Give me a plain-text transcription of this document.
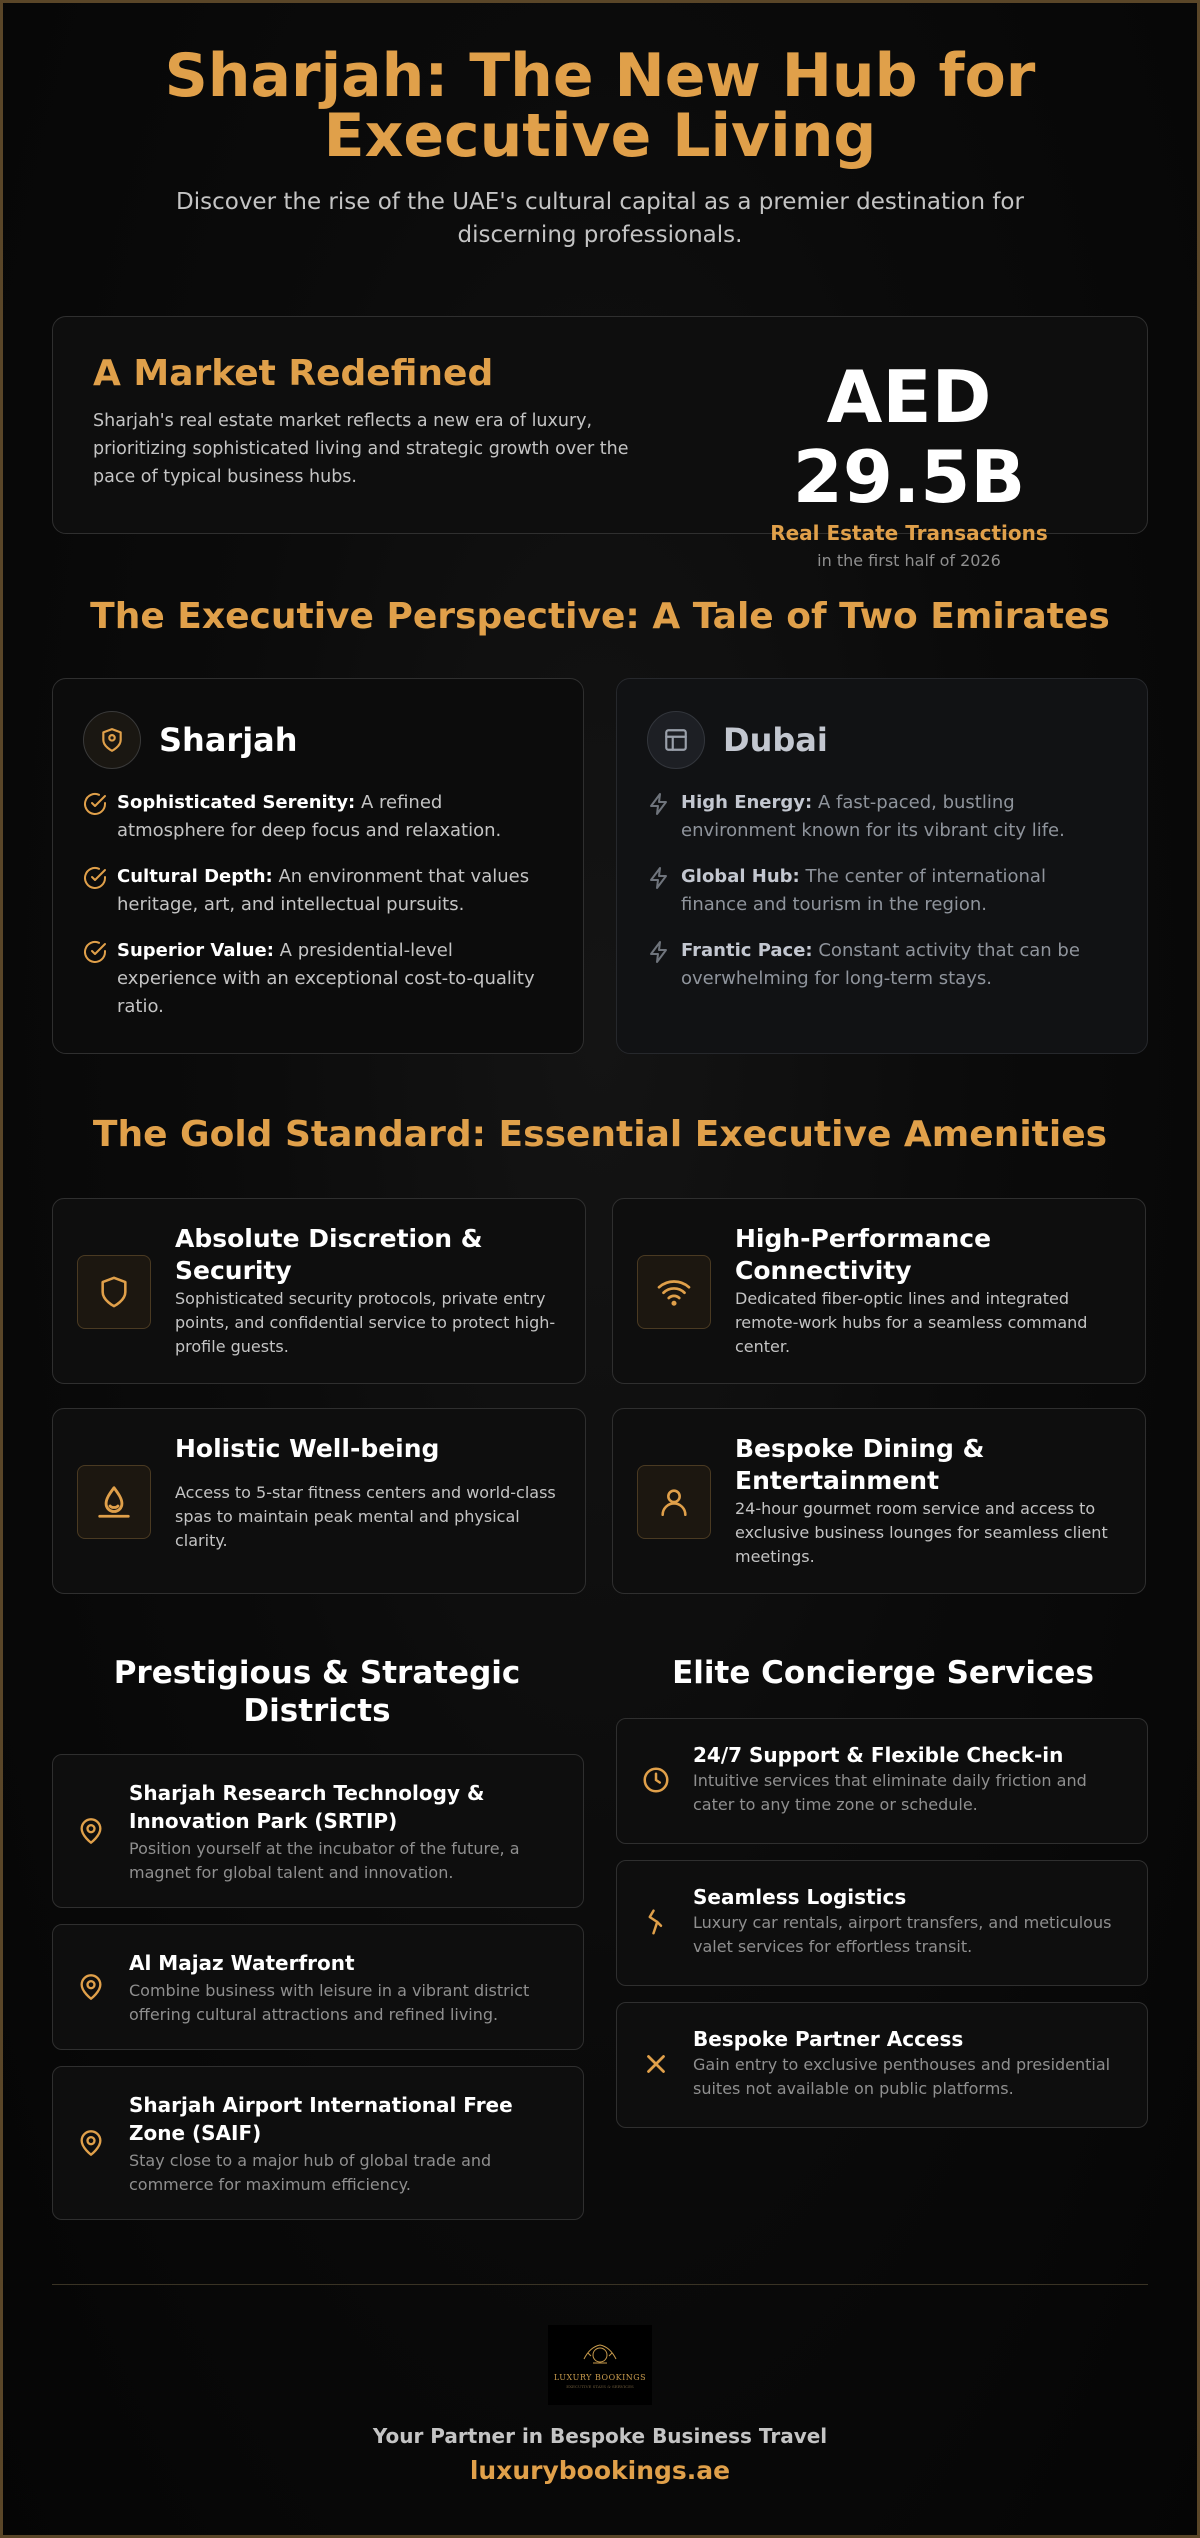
Sharjah: The New Hub for Executive Living

Discover the rise of the UAE's cultural capital as a premier destination for discerning professionals.

A Market Redefined

Sharjah's real estate market reflects a new era of luxury, prioritizing sophisticated living and strategic growth over the pace of typical business hubs.

AED 29.5B
Real Estate Transactions
in the first half of 2026
The Executive Perspective: A Tale of Two Emirates
Sharjah
Sophisticated Serenity: A refined atmosphere for deep focus and relaxation.
Cultural Depth: An environment that values heritage, art, and intellectual pursuits.
Superior Value: A presidential-level experience with an exceptional cost-to-quality ratio.
Dubai
High Energy: A fast-paced, bustling environment known for its vibrant city life.
Global Hub: The center of international finance and tourism in the region.
Frantic Pace: Constant activity that can be overwhelming for long-term stays.
The Gold Standard: Essential Executive Amenities
Absolute Discretion & Security

Sophisticated security protocols, private entry points, and confidential service to protect high-profile guests.

High-Performance Connectivity

Dedicated fiber-optic lines and integrated remote-work hubs for a seamless command center.

Holistic Well-being

Access to 5-star fitness centers and world-class spas to maintain peak mental and physical clarity.

Bespoke Dining & Entertainment

24-hour gourmet room service and access to exclusive business lounges for seamless client meetings.

Prestigious & Strategic Districts
Sharjah Research Technology & Innovation Park (SRTIP)

Position yourself at the incubator of the future, a magnet for global talent and innovation.

Al Majaz Waterfront

Combine business with leisure in a vibrant district offering cultural attractions and refined living.

Sharjah Airport International Free Zone (SAIF)

Stay close to a major hub of global trade and commerce for maximum efficiency.

Elite Concierge Services
24/7 Support & Flexible Check-in

Intuitive services that eliminate daily friction and cater to any time zone or schedule.

Seamless Logistics

Luxury car rentals, airport transfers, and meticulous valet services for effortless transit.

Bespoke Partner Access

Gain entry to exclusive penthouses and presidential suites not available on public platforms.

LUXURY BOOKINGS
EXECUTIVE STAYS & SERVICES
Your Partner in Bespoke Business Travel
luxurybookings.ae
